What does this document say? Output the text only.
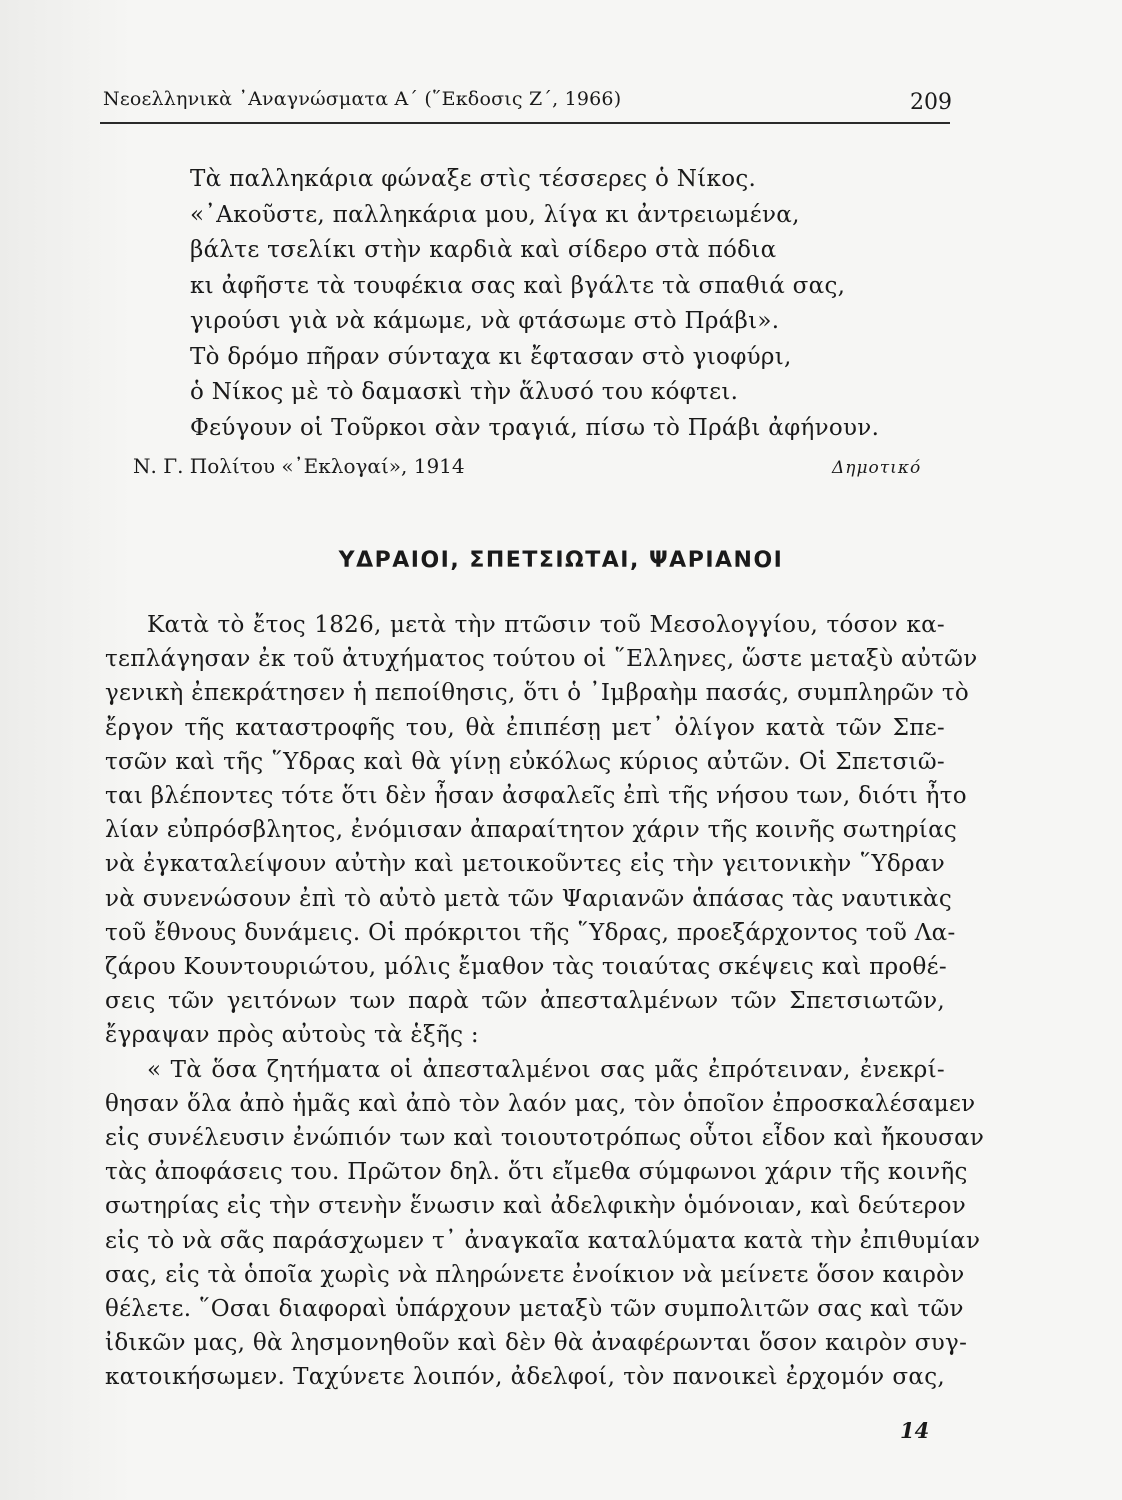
Νεοελληνικὰ ᾿Αναγνώσματα Α΄ (῞Εκδοσις Ζ΄, 1966)	209
Τὰ παλληκάρια φώναξε στὶς τέσσερες ὁ Νίκος.
«᾿Ακοῦστε, παλληκάρια μου, λίγα κι ἀντρειωμένα,
βάλτε τσελίκι στὴν καρδιὰ καὶ σίδερο στὰ πόδια
κι ἀφῆστε τὰ τουφέκια σας καὶ βγάλτε τὰ σπαθιά σας,
γιρούσι γιὰ νὰ κάμωμε, νὰ φτάσωμε στὸ Πράβι».
Τὸ δρόμο πῆραν σύνταχα κι ἔφτασαν στὸ γιοφύρι,
ὁ Νίκος μὲ τὸ δαμασκὶ τὴν ἅλυσό του κόφτει.
Φεύγουν οἱ Τοῦρκοι σὰν τραγιά, πίσω τὸ Πράβι ἀφήνουν.
Ν. Γ. Πολίτου «᾿Εκλογαί», 1914	Δημοτικό
ΥΔΡΑΙΟΙ, ΣΠΕΤΣΙΩΤΑΙ, ΨΑΡΙΑΝΟΙ
Κατὰ τὸ ἔτος 1826, μετὰ τὴν πτῶσιν τοῦ Μεσολογγίου, τόσον κα-
τεπλάγησαν ἐκ τοῦ ἀτυχήματος τούτου οἱ ῞Ελληνες, ὥστε μεταξὺ αὐτῶν
γενικὴ ἐπεκράτησεν ἡ πεποίθησις, ὅτι ὁ ᾿Ιμβραὴμ πασάς, συμπληρῶν τὸ
ἔργον τῆς καταστροφῆς του, θὰ ἐπιπέσῃ μετ᾿ ὀλίγον κατὰ τῶν Σπε-
τσῶν καὶ τῆς ῞Υδρας καὶ θὰ γίνῃ εὐκόλως κύριος αὐτῶν. Οἱ Σπετσιῶ-
ται βλέποντες τότε ὅτι δὲν ἦσαν ἀσφαλεῖς ἐπὶ τῆς νήσου των, διότι ἦτο
λίαν εὐπρόσβλητος, ἐνόμισαν ἀπαραίτητον χάριν τῆς κοινῆς σωτηρίας
νὰ ἐγκαταλείψουν αὐτὴν καὶ μετοικοῦντες εἰς τὴν γειτονικὴν ῞Υδραν
νὰ συνενώσουν ἐπὶ τὸ αὐτὸ μετὰ τῶν Ψαριανῶν ἁπάσας τὰς ναυτικὰς
τοῦ ἔθνους δυνάμεις. Οἱ πρόκριτοι τῆς ῞Υδρας, προεξάρχοντος τοῦ Λα-
ζάρου Κουντουριώτου, μόλις ἔμαθον τὰς τοιαύτας σκέψεις καὶ προθέ-
σεις τῶν γειτόνων των παρὰ τῶν ἀπεσταλμένων τῶν Σπετσιωτῶν,
ἔγραψαν πρὸς αὐτοὺς τὰ ἑξῆς :
« Τὰ ὅσα ζητήματα οἱ ἀπεσταλμένοι σας μᾶς ἐπρότειναν, ἐνεκρί-
θησαν ὅλα ἀπὸ ἡμᾶς καὶ ἀπὸ τὸν λαόν μας, τὸν ὁποῖον ἐπροσκαλέσαμεν
εἰς συνέλευσιν ἐνώπιόν των καὶ τοιουτοτρόπως οὗτοι εἶδον καὶ ἤκουσαν
τὰς ἀποφάσεις του. Πρῶτον δηλ. ὅτι εἴμεθα σύμφωνοι χάριν τῆς κοινῆς
σωτηρίας εἰς τὴν στενὴν ἕνωσιν καὶ ἀδελφικὴν ὁμόνοιαν, καὶ δεύτερον
εἰς τὸ νὰ σᾶς παράσχωμεν τ᾿ ἀναγκαῖα καταλύματα κατὰ τὴν ἐπιθυμίαν
σας, εἰς τὰ ὁποῖα χωρὶς νὰ πληρώνετε ἐνοίκιον νὰ μείνετε ὅσον καιρὸν
θέλετε. ῞Οσαι διαφοραὶ ὑπάρχουν μεταξὺ τῶν συμπολιτῶν σας καὶ τῶν
ἰδικῶν μας, θὰ λησμονηθοῦν καὶ δὲν θὰ ἀναφέρωνται ὅσον καιρὸν συγ-
κατοικήσωμεν. Ταχύνετε λοιπόν, ἀδελφοί, τὸν πανοικεὶ ἐρχομόν σας,
14
